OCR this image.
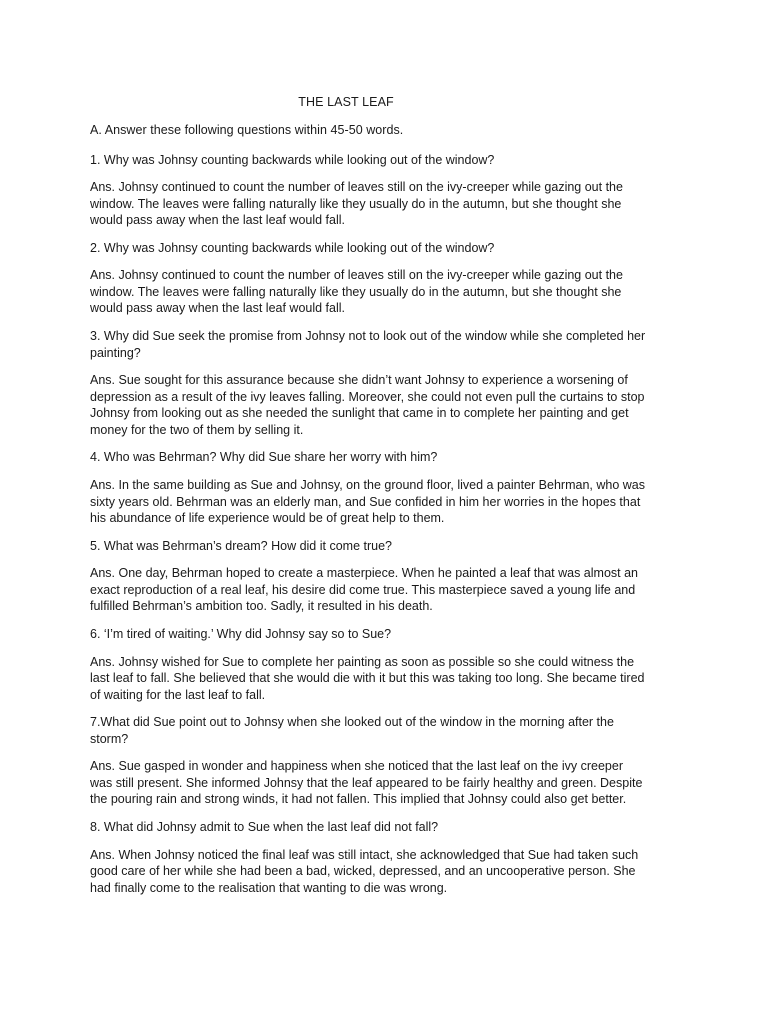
THE LAST LEAF

A. Answer these following questions within 45-50 words.

1. Why was Johnsy counting backwards while looking out of the window?

Ans. Johnsy continued to count the number of leaves still on the ivy-creeper while gazing out the
window. The leaves were falling naturally like they usually do in the autumn, but she thought she
would pass away when the last leaf would fall.

2. Why was Johnsy counting backwards while looking out of the window?

Ans. Johnsy continued to count the number of leaves still on the ivy-creeper while gazing out the
window. The leaves were falling naturally like they usually do in the autumn, but she thought she
would pass away when the last leaf would fall.

3. Why did Sue seek the promise from Johnsy not to look out of the window while she completed her
painting?

Ans. Sue sought for this assurance because she didn’t want Johnsy to experience a worsening of
depression as a result of the ivy leaves falling. Moreover, she could not even pull the curtains to stop
Johnsy from looking out as she needed the sunlight that came in to complete her painting and get
money for the two of them by selling it.

4. Who was Behrman? Why did Sue share her worry with him?

Ans. In the same building as Sue and Johnsy, on the ground floor, lived a painter Behrman, who was
sixty years old. Behrman was an elderly man, and Sue confided in him her worries in the hopes that
his abundance of life experience would be of great help to them.

5. What was Behrman’s dream? How did it come true?

Ans. One day, Behrman hoped to create a masterpiece. When he painted a leaf that was almost an
exact reproduction of a real leaf, his desire did come true. This masterpiece saved a young life and
fulfilled Behrman’s ambition too. Sadly, it resulted in his death.

6. ‘I’m tired of waiting.’ Why did Johnsy say so to Sue?

Ans. Johnsy wished for Sue to complete her painting as soon as possible so she could witness the
last leaf to fall. She believed that she would die with it but this was taking too long. She became tired
of waiting for the last leaf to fall.

7.What did Sue point out to Johnsy when she looked out of the window in the morning after the
storm?

Ans. Sue gasped in wonder and happiness when she noticed that the last leaf on the ivy creeper
was still present. She informed Johnsy that the leaf appeared to be fairly healthy and green. Despite
the pouring rain and strong winds, it had not fallen. This implied that Johnsy could also get better.

8. What did Johnsy admit to Sue when the last leaf did not fall?

Ans. When Johnsy noticed the final leaf was still intact, she acknowledged that Sue had taken such
good care of her while she had been a bad, wicked, depressed, and an uncooperative person. She
had finally come to the realisation that wanting to die was wrong.
